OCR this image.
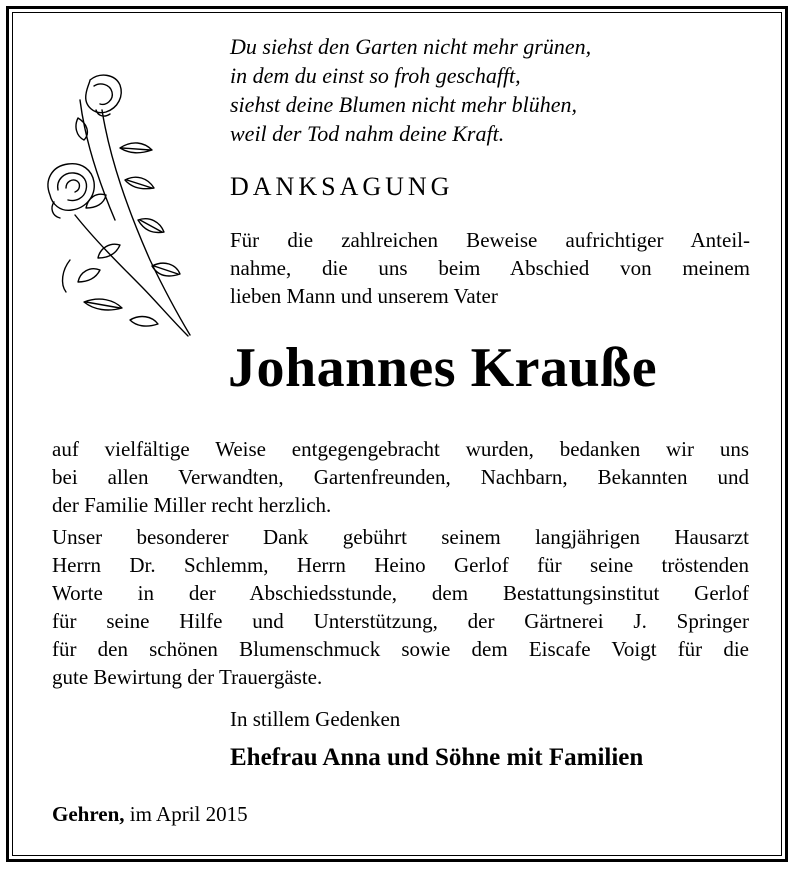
Du siehst den Garten nicht mehr grünen,
in dem du einst so froh geschafft,
siehst deine Blumen nicht mehr blühen,
weil der Tod nahm deine Kraft.
DANKSAGUNG
Für die zahlreichen Beweise aufrichtiger Anteil-
nahme, die uns beim Abschied von meinem
lieben Mann und unserem Vater
Johannes Krauße
auf vielfältige Weise entgegengebracht wurden, bedanken wir uns
bei allen Verwandten, Gartenfreunden, Nachbarn, Bekannten und
der Familie Miller recht herzlich.
Unser besonderer Dank gebührt seinem langjährigen Hausarzt
Herrn Dr. Schlemm, Herrn Heino Gerlof für seine tröstenden
Worte in der Abschiedsstunde, dem Bestattungsinstitut Gerlof
für seine Hilfe und Unterstützung, der Gärtnerei J. Springer
für den schönen Blumenschmuck sowie dem Eiscafe Voigt für die
gute Bewirtung der Trauergäste.
In stillem Gedenken
Ehefrau Anna und Söhne mit Familien
Gehren, im April 2015
